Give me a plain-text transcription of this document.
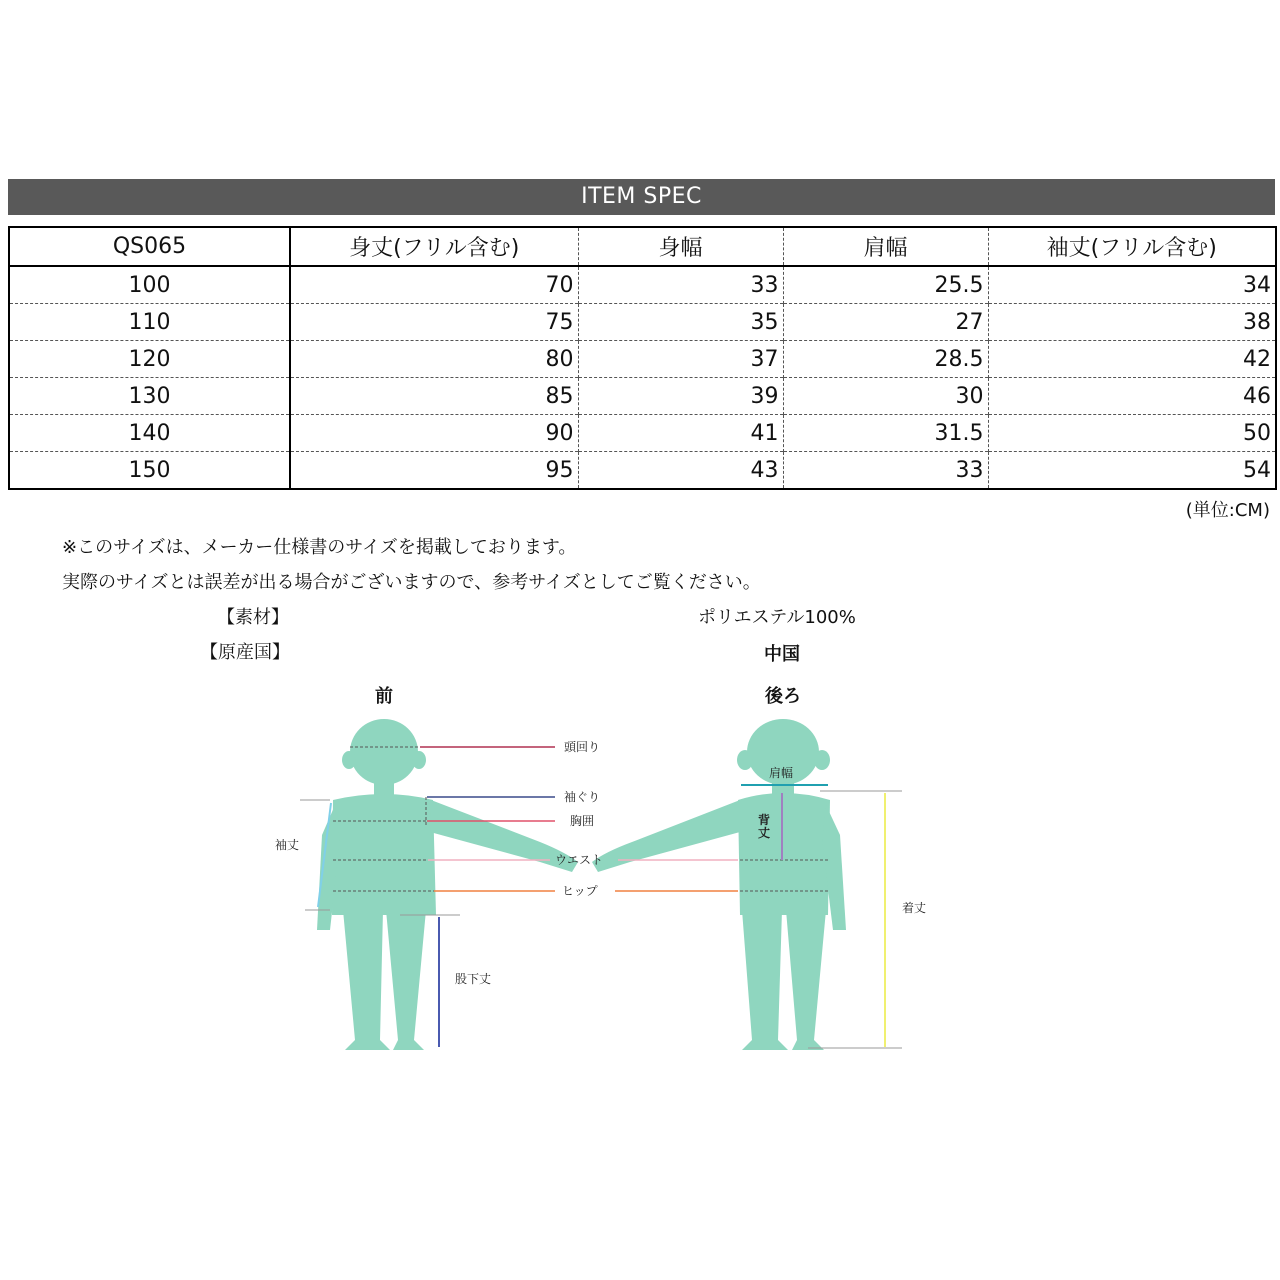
ITEM SPEC
QS065	身丈(フリル含む)	身幅	肩幅	袖丈(フリル含む)
100	70	33	25.5	34
110	75	35	27	38
120	80	37	28.5	42
130	85	39	30	46
140	90	41	31.5	50
150	95	43	33	54
(単位:CM)
※このサイズは、メーカー仕様書のサイズを掲載しております。
実際のサイズとは誤差が出る場合がございますので、参考サイズとしてご覧ください。
【素材】	ポリエステル100%
【原産国】	中国
前	後ろ
頭回り
袖ぐり
胸囲
ウエスト
ヒップ
袖丈
股下丈
肩幅
着丈
背 丈
